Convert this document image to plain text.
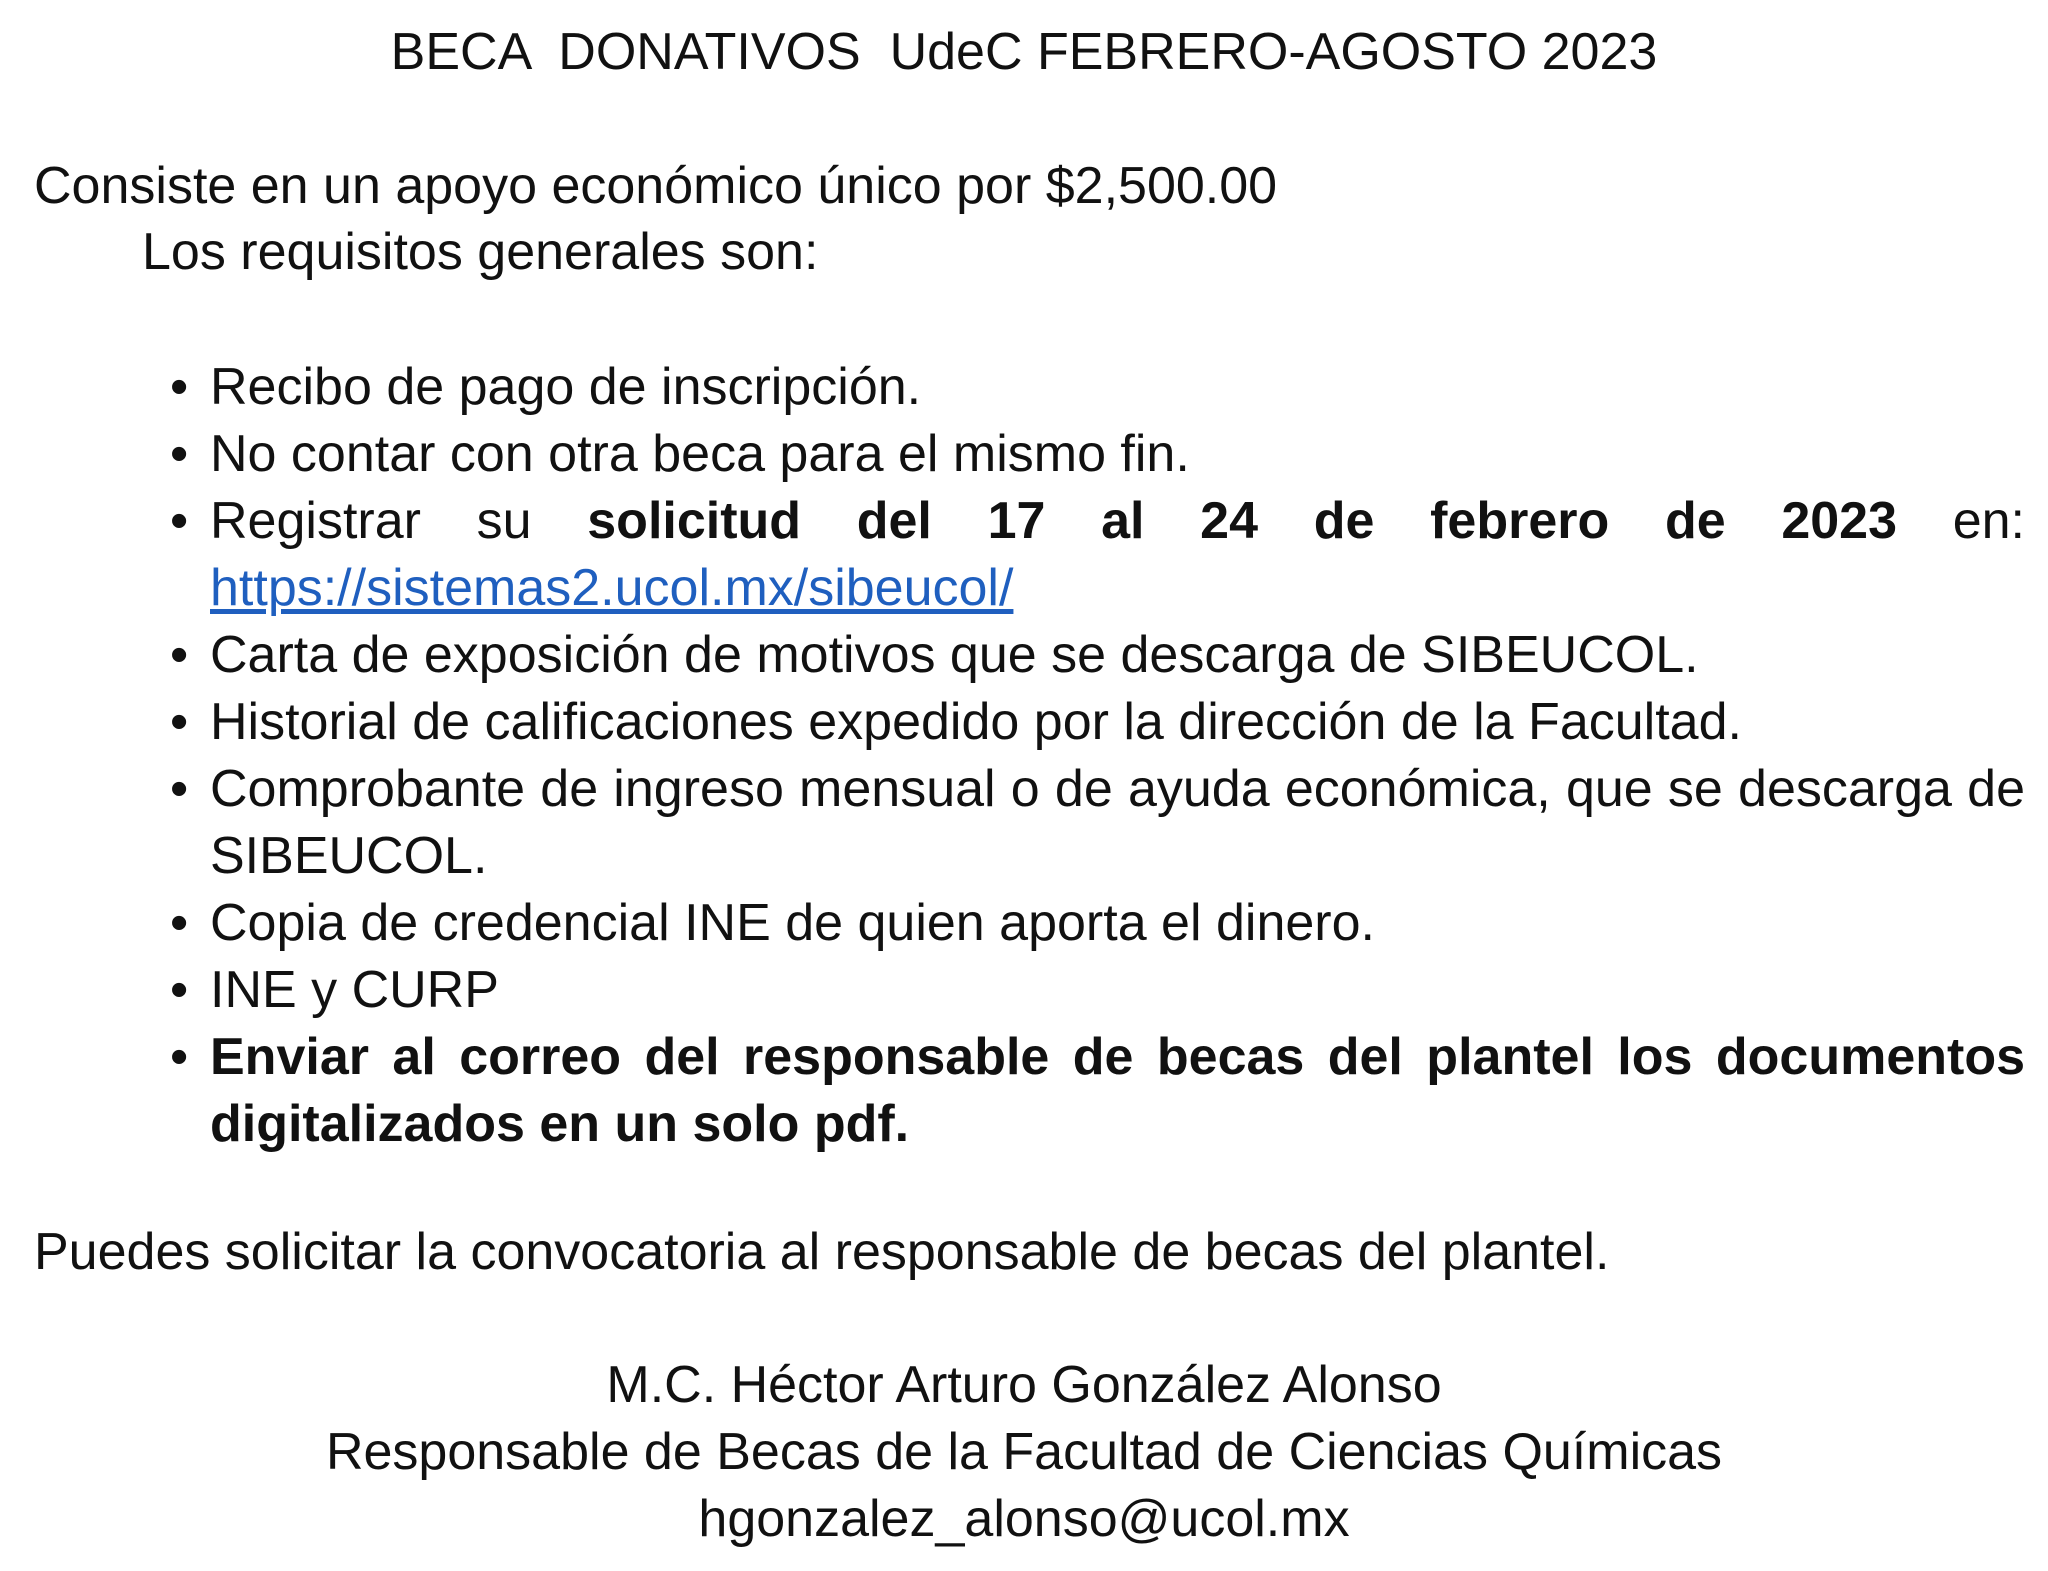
BECA  DONATIVOS  UdeC FEBRERO-AGOSTO 2023

Consiste en un apoyo económico único por $2,500.00

Los requisitos generales son:

• Recibo de pago de inscripción.
• No contar con otra beca para el mismo fin.
• Registrar su solicitud del 17 al 24 de febrero de 2023 en: https://sistemas2.ucol.mx/sibeucol/
• Carta de exposición de motivos que se descarga de SIBEUCOL.
• Historial de calificaciones expedido por la dirección de la Facultad.
• Comprobante de ingreso mensual o de ayuda económica, que se descarga de SIBEUCOL.
• Copia de credencial INE de quien aporta el dinero.
• INE y CURP
• Enviar al correo del responsable de becas del plantel los documentos digitalizados en un solo pdf.

Puedes solicitar la convocatoria al responsable de becas del plantel.

M.C. Héctor Arturo González Alonso
Responsable de Becas de la Facultad de Ciencias Químicas
hgonzalez_alonso@ucol.mx
